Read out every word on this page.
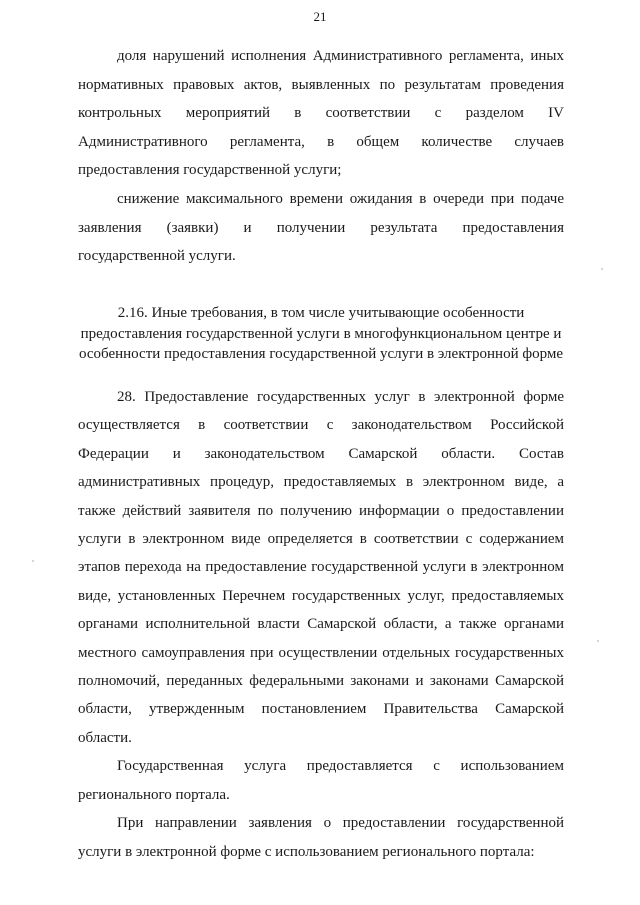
21

доля нарушений исполнения Административного регламента, иных нормативных правовых актов, выявленных по результатам проведения контрольных мероприятий в соответствии с разделом IV Административного регламента, в общем количестве случаев предоставления государственной услуги;

снижение максимального времени ожидания в очереди при подаче заявления (заявки) и получении результата предоставления государственной услуги.

2.16. Иные требования, в том числе учитывающие особенности
предоставления государственной услуги в многофункциональном центре и
особенности предоставления государственной услуги в электронной форме

28. Предоставление государственных услуг в электронной форме осуществляется в соответствии с законодательством Российской Федерации и законодательством Самарской области. Состав административных процедур, предоставляемых в электронном виде, а также действий заявителя по получению информации о предоставлении услуги в электронном виде определяется в соответствии с содержанием этапов перехода на предоставление государственной услуги в электронном виде, установленных Перечнем государственных услуг, предоставляемых органами исполнительной власти Самарской области, а также органами местного самоуправления при осуществлении отдельных государственных полномочий, переданных федеральными законами и законами Самарской области, утвержденным постановлением Правительства Самарской области.

Государственная услуга предоставляется с использованием регионального портала.

При направлении заявления о предоставлении государственной услуги в электронной форме с использованием регионального портала:
